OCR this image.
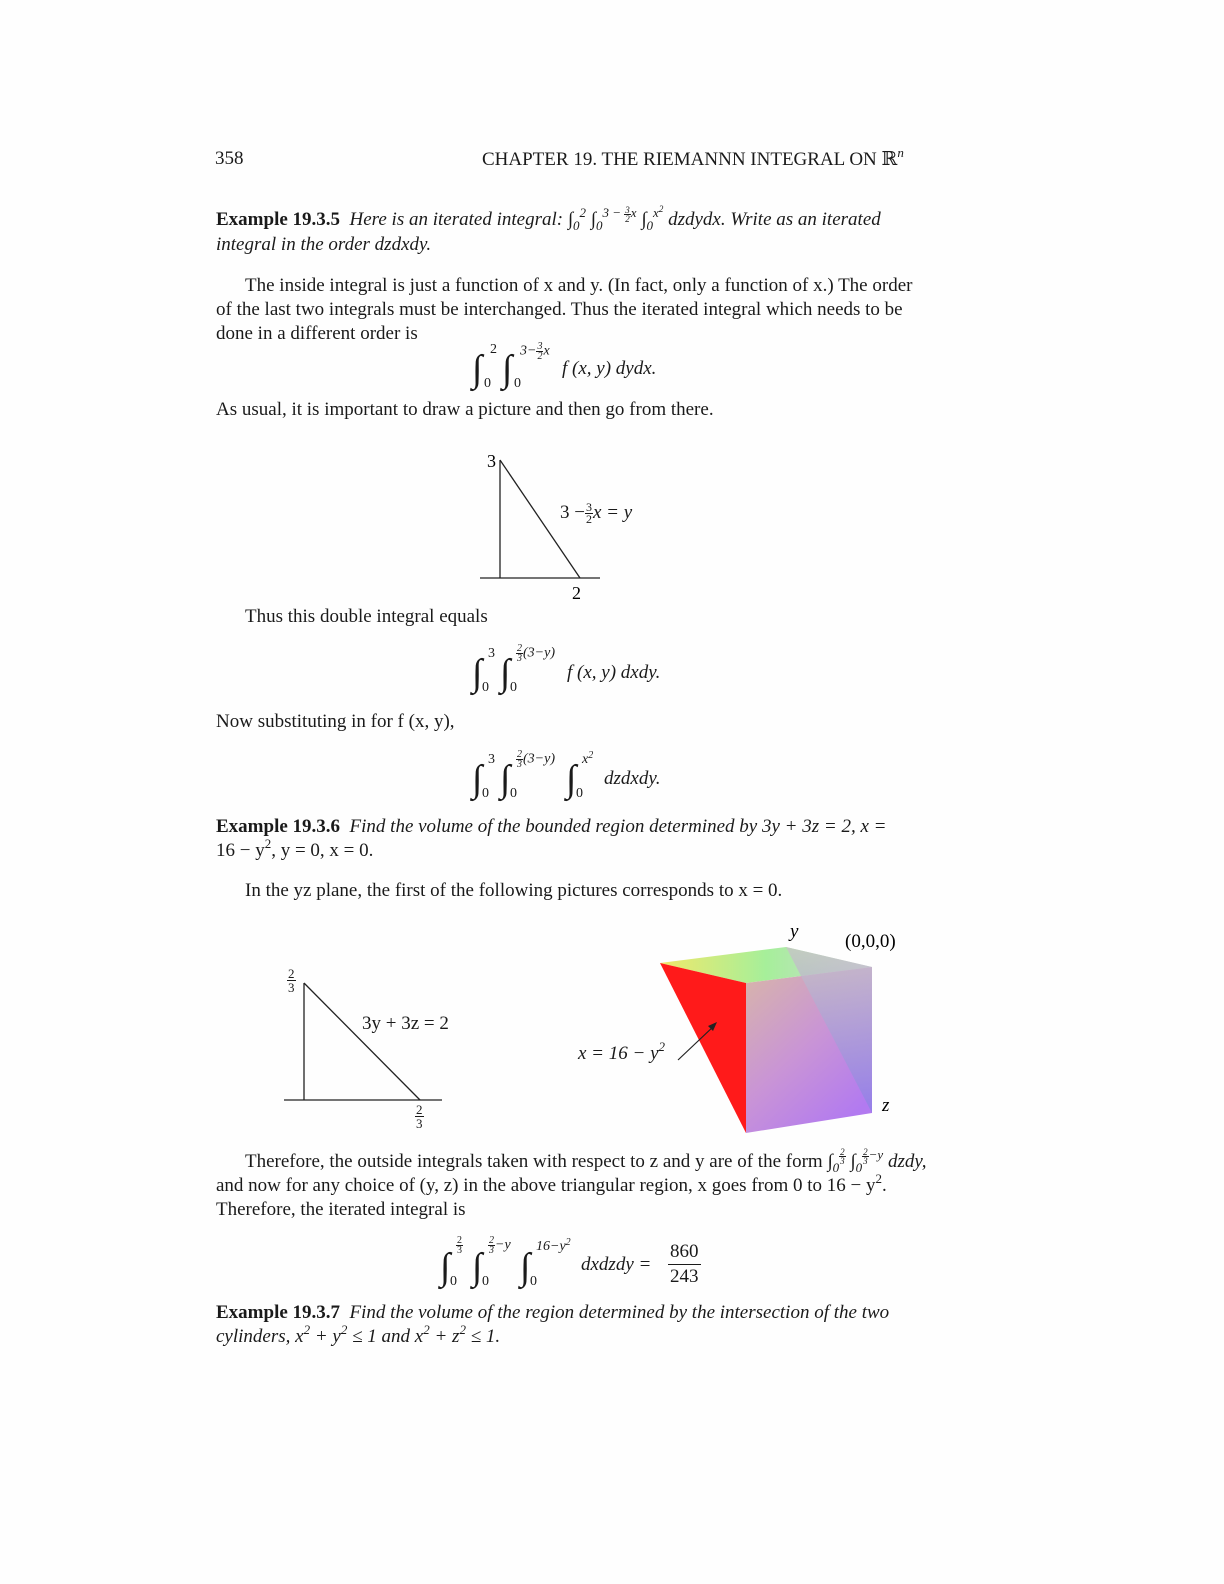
358	CHAPTER 19. THE RIEMANNN INTEGRAL ON ℝ$^n$
Example 19.3.5 Here is an iterated integral: $\int_0^2$ $\int_0^{3 - \frac{3}{2} x}$ $\int_0^{x^2}$ dzdydx. Write as an iterated
integral in the order dzdxdy.
The inside integral is just a function of x and y. (In fact, only a function of x.) The order
of the last two integrals must be interchanged. Thus the iterated integral which needs to be
done in a different order is
∫ 2
0 ∫ $3- \frac{3}{2}$ x
0
f (x, y) dydx.
As usual, it is important to draw a picture and then go from there.
3
2
$3 - \frac{3}{2}$ x = y
Thus this double integral equals
∫ 3
0 ∫ $\frac{2}{3} (3-y)$
0
f (x, y) dxdy.
Now substituting in for f (x, y),
∫ 3
0 ∫ $\frac{2}{3} (3-y)$
0 ∫ $x^2$
0
dzdxdy.
Example 19.3.6 Find the volume of the bounded region determined by 3y + 3z = 2, x =
$16 - y^2$, y = 0, x = 0.
In the yz plane, the first of the following pictures corresponds to x = 0.
$\frac{2}{3}$
$\frac{2}{3}$
3y + 3z = 2
y (0,0,0)
z
$x = 16 - y^2$
Therefore, the outside integrals taken with respect to z and y are of the form $\int_0$
$^{\frac{2}{3}}$ $\int_0$
$^{\frac{2}{3} -y}$ dzdy,
and now for any choice of (y, z) in the above triangular region, x goes from 0 to $16 - y^2$.
Therefore, the iterated integral is
∫
$\frac{2}{3}$
0 ∫
$\frac{2}{3} -y$
0 ∫ $16-y^2$
0
dxdzdy = $\frac{860}{243}$
Example 19.3.7 Find the volume of the region determined by the intersection of the two
cylinders, $x^2 + y^2 \le 1$ and $x^2 + z^2 \le 1$.
